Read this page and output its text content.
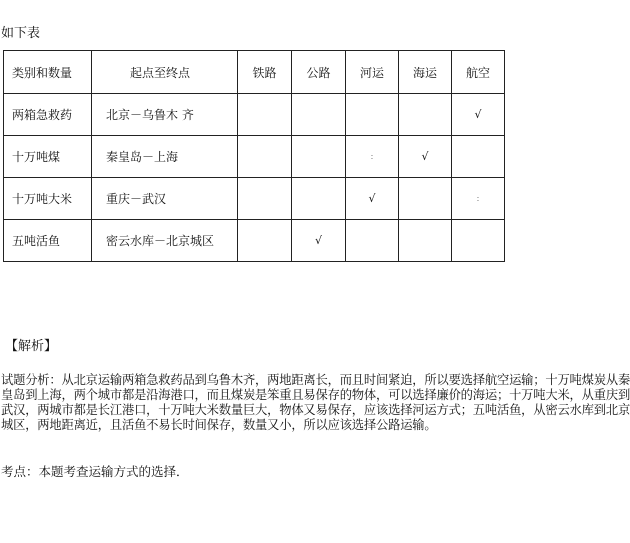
如下表
类别和数量	起点至终点	铁路	公路	河运	海运	航空
两箱急救药	北京－乌鲁木 齐					√
十万吨煤	秦皇岛－上海			:	√	
十万吨大米	重庆－武汉			√		:
五吨活鱼	密云水库－北京城区		√			
【解析】
试题分析：从北京运输两箱急救药品到乌鲁木齐，两地距离长，而且时间紧迫，所以要选择航空运输；十万吨煤炭从秦皇岛到上海，两个城市都是沿海港口，而且煤炭是笨重且易保存的物体，可以选择廉价的海运；十万吨大米，从重庆到武汉，两城市都是长江港口，十万吨大米数量巨大，物体又易保存，应该选择河运方式；五吨活鱼，从密云水库到北京城区，两地距离近，且活鱼不易长时间保存，数量又小，所以应该选择公路运输。
考点：本题考查运输方式的选择．
